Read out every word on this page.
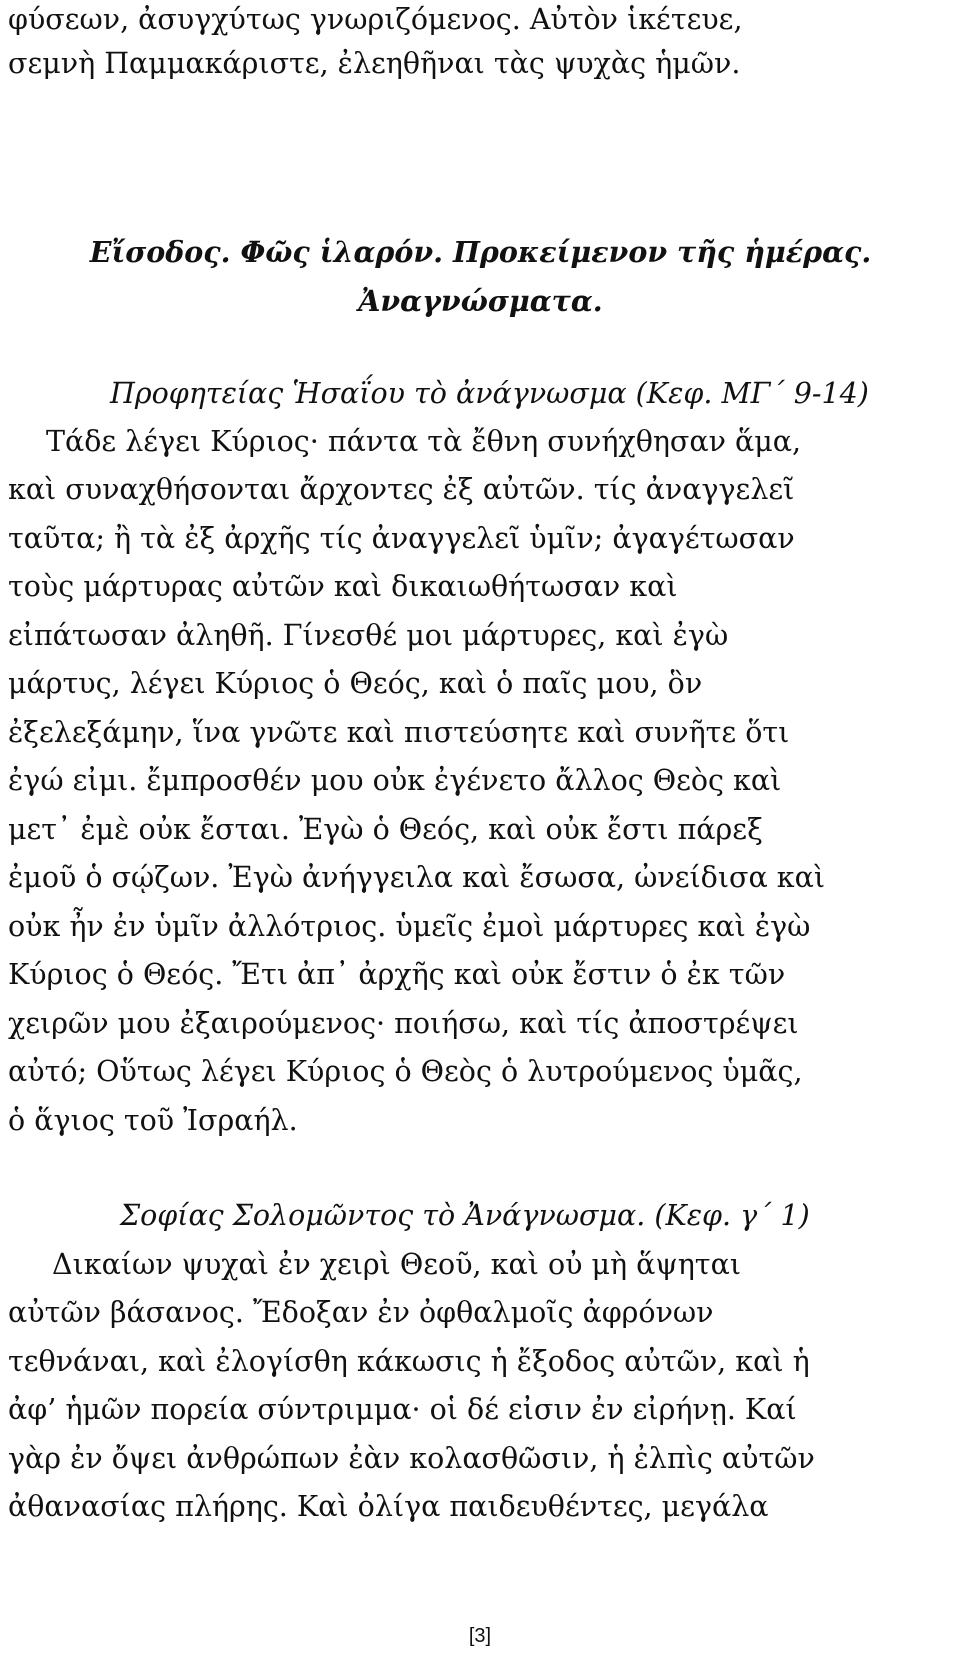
φύσεων, ἀσυγχύτως γνωριζόμενος. Αὐτὸν ἱκέτευε,
σεμνὴ Παμμακάριστε, ἐλεηθῆναι τὰς ψυχὰς ἡμῶν.
Εἴσοδος. Φῶς ἱλαρόν. Προκείμενον τῆς ἡμέρας.
Ἀναγνώσματα.
Προφητείας Ἡσαΐου τὸ ἀνάγνωσμα (Κεφ. ΜΓ΄ 9-14)
Τάδε λέγει Κύριος· πάντα τὰ ἔθνη συνήχθησαν ἅμα,
καὶ συναχθήσονται ἄρχοντες ἐξ αὐτῶν. τίς ἀναγγελεῖ
ταῦτα; ἢ τὰ ἐξ ἀρχῆς τίς ἀναγγελεῖ ὑμῖν; ἀγαγέτωσαν
τοὺς μάρτυρας αὐτῶν καὶ δικαιωθήτωσαν καὶ
εἰπάτωσαν ἀληθῆ. Γίνεσθέ μοι μάρτυρες, καὶ ἐγὼ
μάρτυς, λέγει Κύριος ὁ Θεός, καὶ ὁ παῖς μου, ὃν
ἐξελεξάμην, ἵνα γνῶτε καὶ πιστεύσητε καὶ συνῆτε ὅτι
ἐγώ εἰμι. ἔμπροσθέν μου οὐκ ἐγένετο ἄλλος Θεὸς καὶ
μετ᾿ ἐμὲ οὐκ ἔσται. Ἐγὼ ὁ Θεός, καὶ οὐκ ἔστι πάρεξ
ἐμοῦ ὁ σῴζων. Ἐγὼ ἀνήγγειλα καὶ ἔσωσα, ὠνείδισα καὶ
οὐκ ἦν ἐν ὑμῖν ἀλλότριος. ὑμεῖς ἐμοὶ μάρτυρες καὶ ἐγὼ
Κύριος ὁ Θεός. Ἔτι ἀπ᾿ ἀρχῆς καὶ οὐκ ἔστιν ὁ ἐκ τῶν
χειρῶν μου ἐξαιρούμενος· ποιήσω, καὶ τίς ἀποστρέψει
αὐτό; Οὕτως λέγει Κύριος ὁ Θεὸς ὁ λυτρούμενος ὑμᾶς,
ὁ ἅγιος τοῦ Ἰσραήλ.
Σοφίας Σολομῶντος τὸ Ἀνάγνωσμα. (Κεφ. γ΄ 1)
Δικαίων ψυχαὶ ἐν χειρὶ Θεοῦ, καὶ οὐ μὴ ἅψηται
αὐτῶν βάσανος. Ἔδοξαν ἐν ὀφθαλμοῖς ἀφρόνων
τεθνάναι, καὶ ἐλογίσθη κάκωσις ἡ ἔξοδος αὐτῶν, καὶ ἡ
ἀφ’ ἡμῶν πορεία σύντριμμα· οἱ δέ εἰσιν ἐν εἰρήνῃ. Καί
γὰρ ἐν ὄψει ἀνθρώπων ἐὰν κολασθῶσιν, ἡ ἐλπὶς αὐτῶν
ἀθανασίας πλήρης. Καὶ ὀλίγα παιδευθέντες, μεγάλα
[3]
